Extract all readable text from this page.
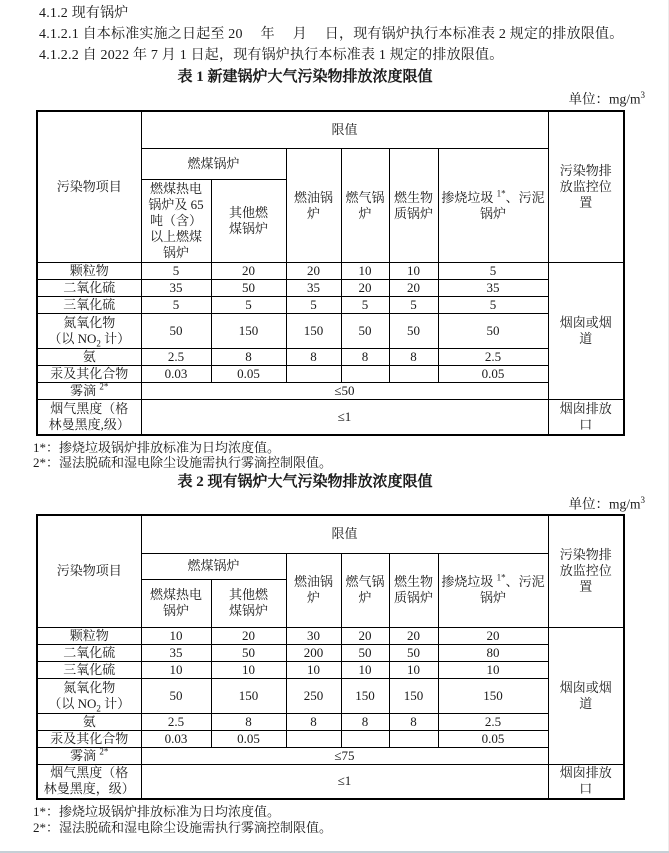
4.1.2 现有锅炉

4.1.2.1 自本标准实施之日起至 20　 年　 月　 日，现有锅炉执行本标准表 2 规定的排放限值。

4.1.2.2 自 2022 年 7 月 1 日起，现有锅炉执行本标准表 1 规定的排放限值。

表 1 新建锅炉大气污染物排放浓度限值
单位：$mg/m^3$
污染物项目	限值						污染物排放监控位置
	燃煤锅炉		燃油锅炉	燃气锅炉	燃生物质锅炉	掺烧垃圾 $^{1*}$、污泥锅炉	
	燃煤热电锅炉及 65 吨（含）以上燃煤锅炉	其他燃煤锅炉					
颗粒物	5	20	20	10	10	5	烟囱或烟道
二氧化硫	35	50	35	20	20	35	
三氧化硫	5	5	5	5	5	5	

氮氧化物
（以 $NO_2$ 计）	50	150	150	50	50	50	
氨	2.5	8	8	8	8	2.5	
汞及其化合物	0.03	0.05				0.05	
雾滴 $^{2*}$	≤50						

烟气黑度（格
林曼黑度,级）	≤1						烟囱排放口
1*：掺烧垃圾锅炉排放标准为日均浓度值。
2*：湿法脱硫和湿电除尘设施需执行雾滴控制限值。
表 2 现有锅炉大气污染物排放浓度限值
单位：$mg/m^3$
污染物项目	限值						污染物排放监控位置
	燃煤锅炉		燃油锅炉	燃气锅炉	燃生物质锅炉	掺烧垃圾 $^{1*}$、污泥锅炉	
	燃煤热电锅炉	其他燃煤锅炉					
颗粒物	10	20	30	20	20	20	烟囱或烟道
二氧化硫	35	50	200	50	50	80	
三氧化硫	10	10	10	10	10	10	

氮氧化物
（以 $NO_2$ 计）	50	150	250	150	150	150	
氨	2.5	8	8	8	8	2.5	
汞及其化合物	0.03	0.05				0.05	
雾滴 $^{2*}$	≤75						

烟气黑度（格
林曼黑度，级）	≤1						烟囱排放口
1*：掺烧垃圾锅炉排放标准为日均浓度值。
2*：湿法脱硫和湿电除尘设施需执行雾滴控制限值。
